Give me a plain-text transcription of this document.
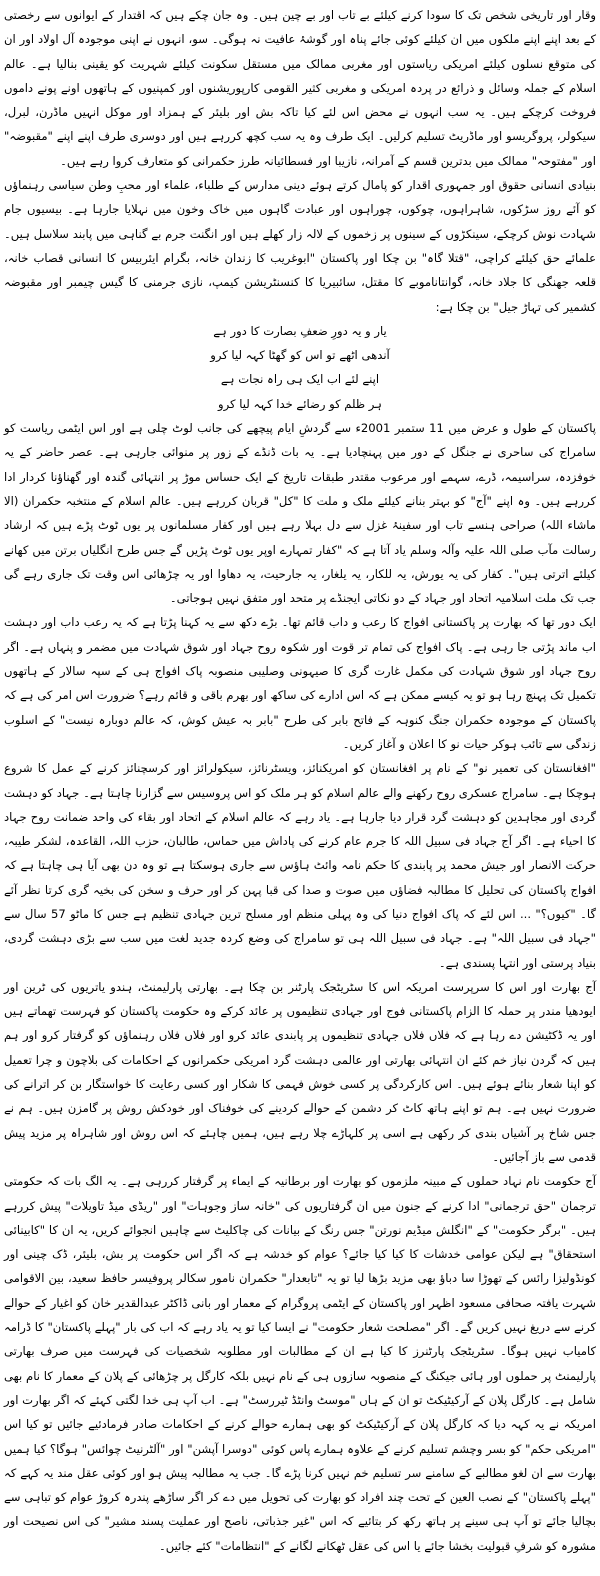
وقار اور تاریخی شخص تک کا سودا کرنے کیلئے بے تاب اور بے چین ہیں۔ وہ جان چکے ہیں کہ اقتدار کے ایوانوں سے رخصتی کے بعد اپنے اپنے ملکوں میں ان کیلئے کوئی جائے پناہ اور گوشۂ عافیت نہ ہوگی۔ سو، انہوں نے اپنی موجودہ آل اولاد اور ان کی متوقع نسلوں کیلئے امریکی ریاستوں اور مغربی ممالک میں مستقل سکونت کیلئے شہریت کو یقینی بنالیا ہے۔ عالم اسلام کے جملہ وسائل و ذرائع در پردہ امریکی و مغربی کثیر القومی کارپوریشنوں اور کمپنیوں کے ہاتھوں اونے پونے داموں فروخت کرچکے ہیں۔ یہ سب انہوں نے محض اس لئے کیا تاکہ بش اور بلیئر کے ہمزاد اور موکل انہیں ماڈرن، لبرل، سیکولر، پروگریسو اور ماڈریٹ تسلیم کرلیں۔ ایک طرف وہ یہ سب کچھ کررہے ہیں اور دوسری طرف اپنے اپنے "مقبوضہ" اور "مفتوحہ" ممالک میں بدترین قسم کے آمرانہ، نازیبا اور فسطائیانہ طرز حکمرانی کو متعارف کروا رہے ہیں۔

بنیادی انسانی حقوق اور جمہوری اقدار کو پامال کرتے ہوئے دینی مدارس کے طلباء، علماء اور محبِ وطن سیاسی رہنماؤں کو آئے روز سڑکوں، شاہراہوں، چوکوں، چوراہوں اور عبادت گاہوں میں خاک وخون میں نہلایا جارہا ہے۔ بیسیوں جام شہادت نوش کرچکے، سینکڑوں کے سینوں پر زخموں کے لالہ زار کھلے ہیں اور انگنت جرم بے گناہی میں پابند سلاسل ہیں۔ علمائے حق کیلئے کراچی، "قتلا گاہ" بن چکا اور پاکستان "ابوغریب کا زندان خانہ، بگرام ایئربیس کا انسانی قصاب خانہ، قلعہ جھنگی کا جلاد خانہ، گوانتاناموبے کا مقتل، سائبیریا کا کنسنٹریشن کیمپ، نازی جرمنی کا گیس چیمبر اور مقبوضہ کشمیر کی تہاڑ جیل" بن چکا ہے:

یار و یہ دورِ ضعفِ بصارت کا دور ہے
آندھی اٹھے تو اس کو گھٹا کہہ لیا کرو
اپنے لئے اب ایک ہی راہ نجات ہے
ہر ظلم کو رضائے خدا کہہ لیا کرو

پاکستان کے طول و عرض میں 11 ستمبر 2001ء سے گردشِ ایام پیچھے کی جانب لوٹ چلی ہے اور اس ایٹمی ریاست کو سامراج کی ساحری نے جنگل کے دور میں پہنچادیا ہے۔ یہ بات ڈنڈے کے زور پر منوائی جارہی ہے۔ عصر حاضر کے یہ خوفزدہ، سراسیمہ، ڈرے، سہمے اور مرعوب مقتدر طبقات تاریخ کے ایک حساس موڑ پر انتہائی گندہ اور گھناؤنا کردار ادا کررہے ہیں۔ وہ اپنے "آج" کو بہتر بنانے کیلئے ملک و ملت کا "کل" قربان کررہے ہیں۔ عالم اسلام کے منتخبہ حکمران (الا ماشاء اللہ) صراحی ہنسے تاب اور سفینۂ غزل سے دل بہلا رہے ہیں اور کفار مسلمانوں پر یوں ٹوٹ پڑے ہیں کہ ارشاد رسالت مآب صلی اللہ علیہ وآلہ وسلم یاد آتا ہے کہ "کفار تمہارے اوپر یوں ٹوٹ پڑیں گے جس طرح انگلیاں برتن میں کھانے کیلئے اترتی ہیں"۔ کفار کی یہ یورش، یہ للکار، یہ یلغار، یہ جارحیت، یہ دھاوا اور یہ چڑھائی اس وقت تک جاری رہے گی جب تک ملت اسلامیہ اتحاد اور جہاد کے دو نکاتی ایجنڈے پر متحد اور متفق نہیں ہوجاتی۔

ایک دور تھا کہ بھارت پر پاکستانی افواج کا رعب و داب قائم تھا۔ بڑے دکھ سے یہ کہنا پڑتا ہے کہ یہ رعب داب اور دہشت اب ماند پڑتی جا رہی ہے۔ پاک افواج کی تمام تر قوت اور شکوہ روح جہاد اور شوق شہادت میں مضمر و پنہاں ہے۔ اگر روح جہاد اور شوق شہادت کی مکمل غارت گری کا صیہونی وصلیبی منصوبہ پاک افواج ہی کے سپہ سالار کے ہاتھوں تکمیل تک پہنچ رہا ہو تو یہ کیسے ممکن ہے کہ اس ادارے کی ساکھ اور بھرم باقی و قائم رہے؟ ضرورت اس امر کی ہے کہ پاکستان کے موجودہ حکمران جنگ کنوہہ کے فاتح بابر کی طرح "بابر بہ عیش کوش، کہ عالم دوبارہ نیست" کے اسلوب زندگی سے تائب ہوکر حیات نو کا اعلان و آغاز کریں۔

"افغانستان کی تعمیر نو" کے نام پر افغانستان کو امریکنائز، ویسٹرنائز، سیکولرائز اور کرسچنائز کرنے کے عمل کا شروع ہوچکا ہے۔ سامراج عسکری روح رکھنے والے عالم اسلام کو ہر ملک کو اس پروسیس سے گزارنا چاہتا ہے۔ جہاد کو دہشت گردی اور مجاہدین کو دہشت گرد قرار دیا جارہا ہے۔ یاد رہے کہ عالم اسلام کے اتحاد اور بقاء کی واحد ضمانت روح جہاد کا احیاء ہے۔ اگر آج جہاد فی سبیل اللہ کا جرم عام کرنے کی پاداش میں حماس، طالبان، حزب اللہ، القاعدہ، لشکر طیبہ، حرکت الانصار اور جیش محمد پر پابندی کا حکم نامہ وائٹ ہاؤس سے جاری ہوسکتا ہے تو وہ دن بھی آیا ہی چاہتا ہے کہ افواج پاکستان کی تحلیل کا مطالبہ فضاؤں میں صوت و صدا کی قبا پہن کر اور حرف و سخن کی بخیہ گری کرتا نظر آئے گا۔ "کیوں؟" ... اس لئے کہ پاک افواج دنیا کی وہ پہلی منظم اور مسلح ترین جہادی تنظیم ہے جس کا ماٹو 57 سال سے "جہاد فی سبیل اللہ" ہے۔ جہاد فی سبیل اللہ ہی تو سامراج کی وضع کردہ جدید لغت میں سب سے بڑی دہشت گردی، بنیاد پرستی اور انتہا پسندی ہے۔

آج بھارت اور اس کا سرپرست امریکہ اس کا سٹریٹجک پارٹنر بن چکا ہے۔ بھارتی پارلیمنٹ، ہندو یاتریوں کی ٹرین اور ایودھیا مندر پر حملہ کا الزام پاکستانی فوج اور جہادی تنظیموں پر عائد کرکے وہ حکومت پاکستان کو فہرست تھماتے ہیں اور یہ ڈکٹیشن دے رہا ہے کہ فلاں فلاں جہادی تنظیموں پر پابندی عائد کرو اور فلاں فلاں رہنماؤں کو گرفتار کرو اور ہم ہیں کہ گردن نیاز خم کئے ان انتہائی بھارتی اور عالمی دہشت گرد امریکی حکمرانوں کے احکامات کی بلاچون و چرا تعمیل کو اپنا شعار بنائے ہوئے ہیں۔ اس کارکردگی پر کسی خوش فہمی کا شکار اور کسی رعایت کا خواستگار بن کر اترانے کی ضرورت نہیں ہے۔ ہم تو اپنے ہاتھ کاٹ کر دشمن کے حوالے کردینے کی خوفناک اور خودکش روش پر گامزن ہیں۔ ہم نے جس شاخ پر آشیاں بندی کر رکھی ہے اسی پر کلہاڑے چلا رہے ہیں، ہمیں چاہئے کہ اس روش اور شاہراہ پر مزید پیش قدمی سے باز آجائیں۔

آج حکومت نام نہاد حملوں کے مبینہ ملزموں کو بھارت اور برطانیہ کے ایماء پر گرفتار کررہی ہے۔ یہ الگ بات کہ حکومتی ترجمان "حق ترجمانی" ادا کرنے کے جنون میں ان گرفتاریوں کی "خانہ ساز وجوہات" اور "ریڈی میڈ تاویلات" پیش کررہے ہیں۔ "برگر حکومت" کے "انگلش میڈیم نورتن" جس رنگ کے بیانات کی چاکلیٹ سے چاہیں انجوائے کریں، یہ ان کا "کابینائی استحقاق" ہے لیکن عوامی خدشات کا کیا کیا جائے؟ عوام کو خدشہ ہے کہ اگر اس حکومت پر بش، بلیئر، ڈک چینی اور کونڈولیزا رائس کے تھوڑا سا دباؤ بھی مزید بڑھا لیا تو یہ "تابعدار" حکمران نامور سکالر پروفیسر حافظ سعید، بین الاقوامی شہرت یافتہ صحافی مسعود اظہر اور پاکستان کے ایٹمی پروگرام کے معمار اور بانی ڈاکٹر عبدالقدیر خان کو اغیار کے حوالے کرنے سے دریغ نہیں کریں گے۔ اگر "مصلحت شعار حکومت" نے ایسا کیا تو یہ یاد رہے کہ اب کی بار "پہلے پاکستان" کا ڈرامہ کامیاب نہیں ہوگا۔ سٹریٹجک پارٹنرز کا کیا ہے ان کے مطالبات اور مطلوبہ شخصیات کی فہرست میں صرف بھارتی پارلیمنٹ پر حملوں اور ہائی جیکنگ کے منصوبہ سازوں ہی کے نام نہیں بلکہ کارگل پر چڑھائی کے پلان کے معمار کا نام بھی شامل ہے۔ کارگل پلان کے آرکیٹیکٹ تو ان کے ہاں "موسٹ وانٹڈ ٹیررسٹ" ہے۔ اب آپ ہی خدا لگتی کہئے کہ اگر بھارت اور امریکہ نے یہ کہہ دیا کہ کارگل پلان کے آرکیٹیکٹ کو بھی ہمارے حوالے کرنے کے احکامات صادر فرمادئیے جائیں تو کیا اس "امریکی حکم" کو بسر وچشم تسلیم کرنے کے علاوہ ہمارے پاس کوئی "دوسرا آپشن" اور "آلٹرنیٹ چوائس" ہوگا؟ کیا ہمیں بھارت سے ان لغو مطالبے کے سامنے سر تسلیم خم نہیں کرنا پڑے گا۔ جب یہ مطالبہ پیش ہو اور کوئی عقل مند یہ کہے کہ "پہلے پاکستان" کے نصب العین کے تحت چند افراد کو بھارت کی تحویل میں دے کر اگر ساڑھے پندرہ کروڑ عوام کو تباہی سے بچالیا جائے تو آپ ہی سینے پر ہاتھ رکھ کر بتائیے کہ اس "غیر جذباتی، ناصح اور عملیت پسند مشیر" کی اس نصیحت اور مشورہ کو شرفِ قبولیت بخشا جائے یا اس کی عقل ٹھکانے لگانے کے "انتظامات" کئے جائیں۔
